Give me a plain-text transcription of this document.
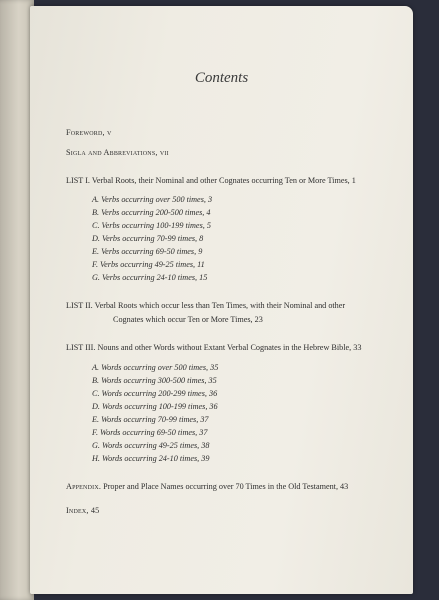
Contents
Foreword, v
Sigla and Abbreviations, vii
LIST I. Verbal Roots, their Nominal and other Cognates occurring Ten or More Times, 1
A. Verbs occurring over 500 times, 3
B. Verbs occurring 200-500 times, 4
C. Verbs occurring 100-199 times, 5
D. Verbs occurring 70-99 times, 8
E. Verbs occurring 69-50 times, 9
F. Verbs occurring 49-25 times, 11
G. Verbs occurring 24-10 times, 15
LIST II. Verbal Roots which occur less than Ten Times, with their Nominal and other
Cognates which occur Ten or More Times, 23
LIST III. Nouns and other Words without Extant Verbal Cognates in the Hebrew Bible, 33
A. Words occurring over 500 times, 35
B. Words occurring 300-500 times, 35
C. Words occurring 200-299 times, 36
D. Words occurring 100-199 times, 36
E. Words occurring 70-99 times, 37
F. Words occurring 69-50 times, 37
G. Words occurring 49-25 times, 38
H. Words occurring 24-10 times, 39
Appendix. Proper and Place Names occurring over 70 Times in the Old Testament, 43
Index, 45
